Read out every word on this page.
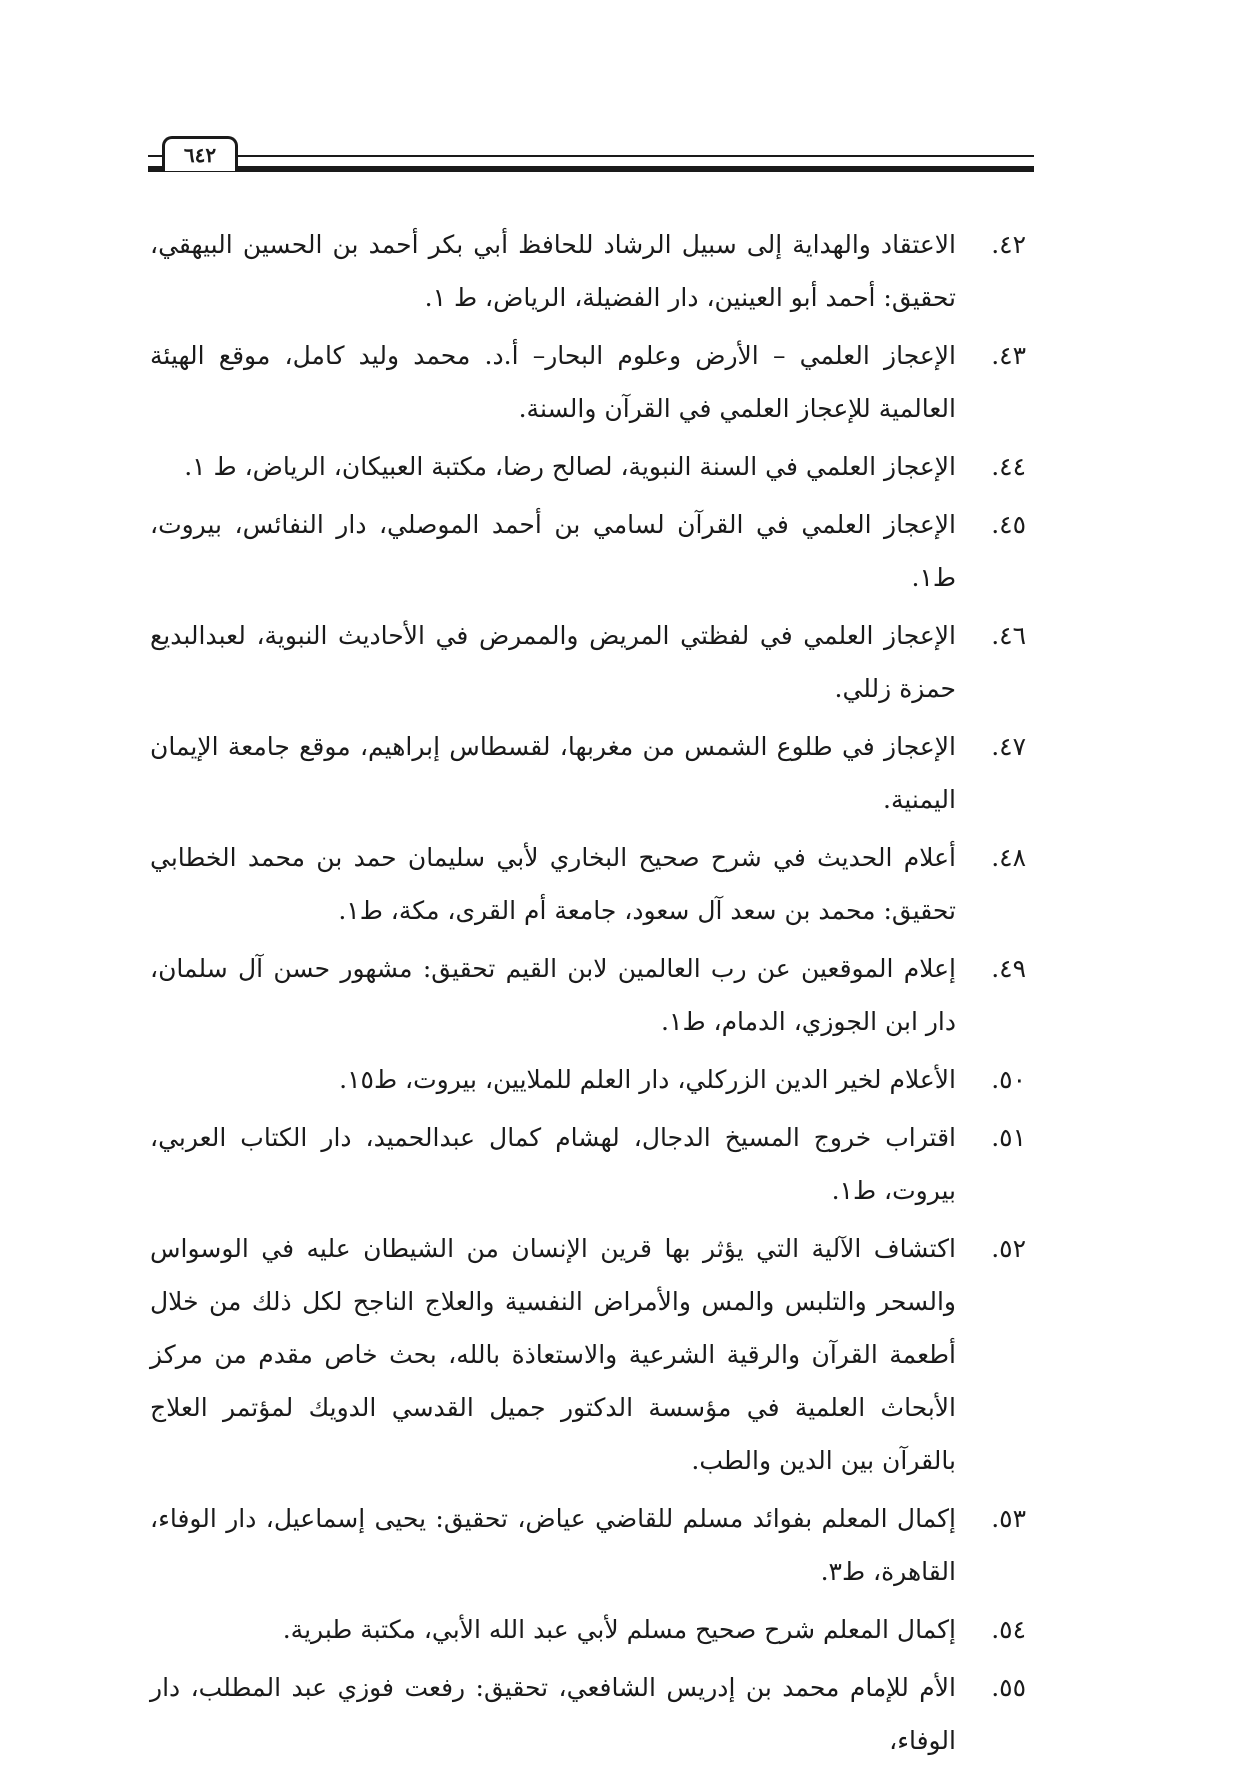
٦٤٢
٤٢.
الاعتقاد والهداية إلى سبيل الرشاد للحافظ أبي بكر أحمد بن الحسين البيهقي، تحقيق: أحمد أبو العينين، دار الفضيلة، الرياض، ط ١.
٤٣.
الإعجاز العلمي – الأرض وعلوم البحار– أ.د. محمد وليد كامل، موقع الهيئة العالمية للإعجاز العلمي في القرآن والسنة.
٤٤.
الإعجاز العلمي في السنة النبوية، لصالح رضا، مكتبة العبيكان، الرياض، ط ١.
٤٥.
الإعجاز العلمي في القرآن لسامي بن أحمد الموصلي، دار النفائس، بيروت، ط١.
٤٦.
الإعجاز العلمي في لفظتي المريض والممرض في الأحاديث النبوية، لعبدالبديع حمزة زللي.
٤٧.
الإعجاز في طلوع الشمس من مغربها، لقسطاس إبراهيم، موقع جامعة الإيمان اليمنية.
٤٨.
أعلام الحديث في شرح صحيح البخاري لأبي سليمان حمد بن محمد الخطابي تحقيق: محمد بن سعد آل سعود، جامعة أم القرى، مكة، ط١.
٤٩.
إعلام الموقعين عن رب العالمين لابن القيم تحقيق: مشهور حسن آل سلمان، دار ابن الجوزي، الدمام، ط١.
٥٠.
الأعلام لخير الدين الزركلي، دار العلم للملايين، بيروت، ط١٥.
٥١.
اقتراب خروج المسيخ الدجال، لهشام كمال عبدالحميد، دار الكتاب العربي، بيروت، ط١.
٥٢.
اكتشاف الآلية التي يؤثر بها قرين الإنسان من الشيطان عليه في الوسواس والسحر والتلبس والمس والأمراض النفسية والعلاج الناجح لكل ذلك من خلال أطعمة القرآن والرقية الشرعية والاستعاذة بالله، بحث خاص مقدم من مركز الأبحاث العلمية في مؤسسة الدكتور جميل القدسي الدويك لمؤتمر العلاج بالقرآن بين الدين والطب.
٥٣.
إكمال المعلم بفوائد مسلم للقاضي عياض، تحقيق: يحيى إسماعيل، دار الوفاء، القاهرة، ط٣.
٥٤.
إكمال المعلم شرح صحيح مسلم لأبي عبد الله الأبي، مكتبة طبرية.
٥٥.
الأم للإمام محمد بن إدريس الشافعي، تحقيق: رفعت فوزي عبد المطلب، دار الوفاء،
